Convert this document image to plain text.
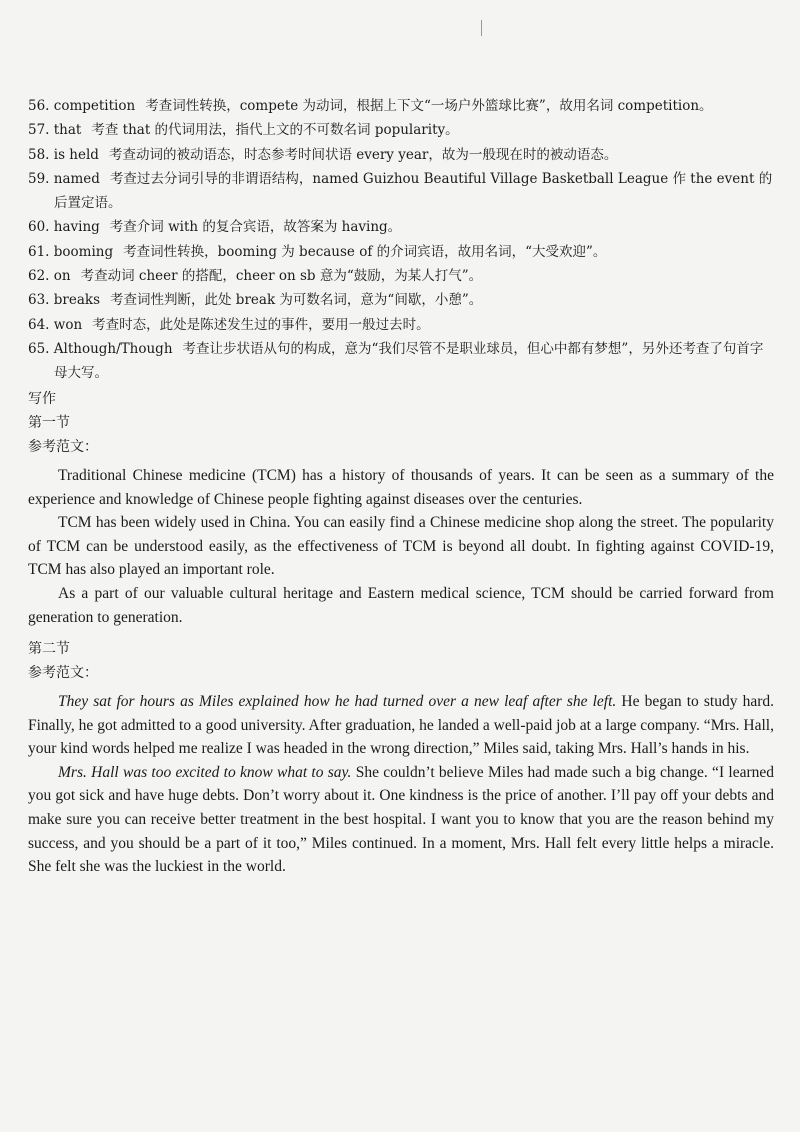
56. competition 考查词性转换，compete 为动词，根据上下文“一场户外篮球比赛”，故用名词 competition。
57. that 考查 that 的代词用法，指代上文的不可数名词 popularity。
58. is held 考查动词的被动语态，时态参考时间状语 every year，故为一般现在时的被动语态。
59. named 考查过去分词引导的非谓语结构，named Guizhou Beautiful Village Basketball League 作 the event 的后置定语。
60. having 考查介词 with 的复合宾语，故答案为 having。
61. booming 考查词性转换，booming 为 because of 的介词宾语，故用名词，“大受欢迎”。
62. on 考查动词 cheer 的搭配，cheer on sb 意为“鼓励，为某人打气”。
63. breaks 考查词性判断，此处 break 为可数名词，意为“间歇，小憩”。
64. won 考查时态，此处是陈述发生过的事件，要用一般过去时。
65. Although/Though 考查让步状语从句的构成，意为“我们尽管不是职业球员，但心中都有梦想”，另外还考查了句首字母大写。
写作
第一节
参考范文：

Traditional Chinese medicine (TCM) has a history of thousands of years. It can be seen as a summary of the experience and knowledge of Chinese people fighting against diseases over the centuries.

TCM has been widely used in China. You can easily find a Chinese medicine shop along the street. The popularity of TCM can be understood easily, as the effectiveness of TCM is beyond all doubt. In fighting against COVID-19, TCM has also played an important role.

As a part of our valuable cultural heritage and Eastern medical science, TCM should be carried forward from generation to generation.

第二节
参考范文：

They sat for hours as Miles explained how he had turned over a new leaf after she left. He began to study hard. Finally, he got admitted to a good university. After graduation, he landed a well-paid job at a large company. “Mrs. Hall, your kind words helped me realize I was headed in the wrong direction,” Miles said, taking Mrs. Hall’s hands in his.

Mrs. Hall was too excited to know what to say. She couldn’t believe Miles had made such a big change. “I learned you got sick and have huge debts. Don’t worry about it. One kindness is the price of another. I’ll pay off your debts and make sure you can receive better treatment in the best hospital. I want you to know that you are the reason behind my success, and you should be a part of it too,” Miles continued. In a moment, Mrs. Hall felt every little helps a miracle. She felt she was the luckiest in the world.
